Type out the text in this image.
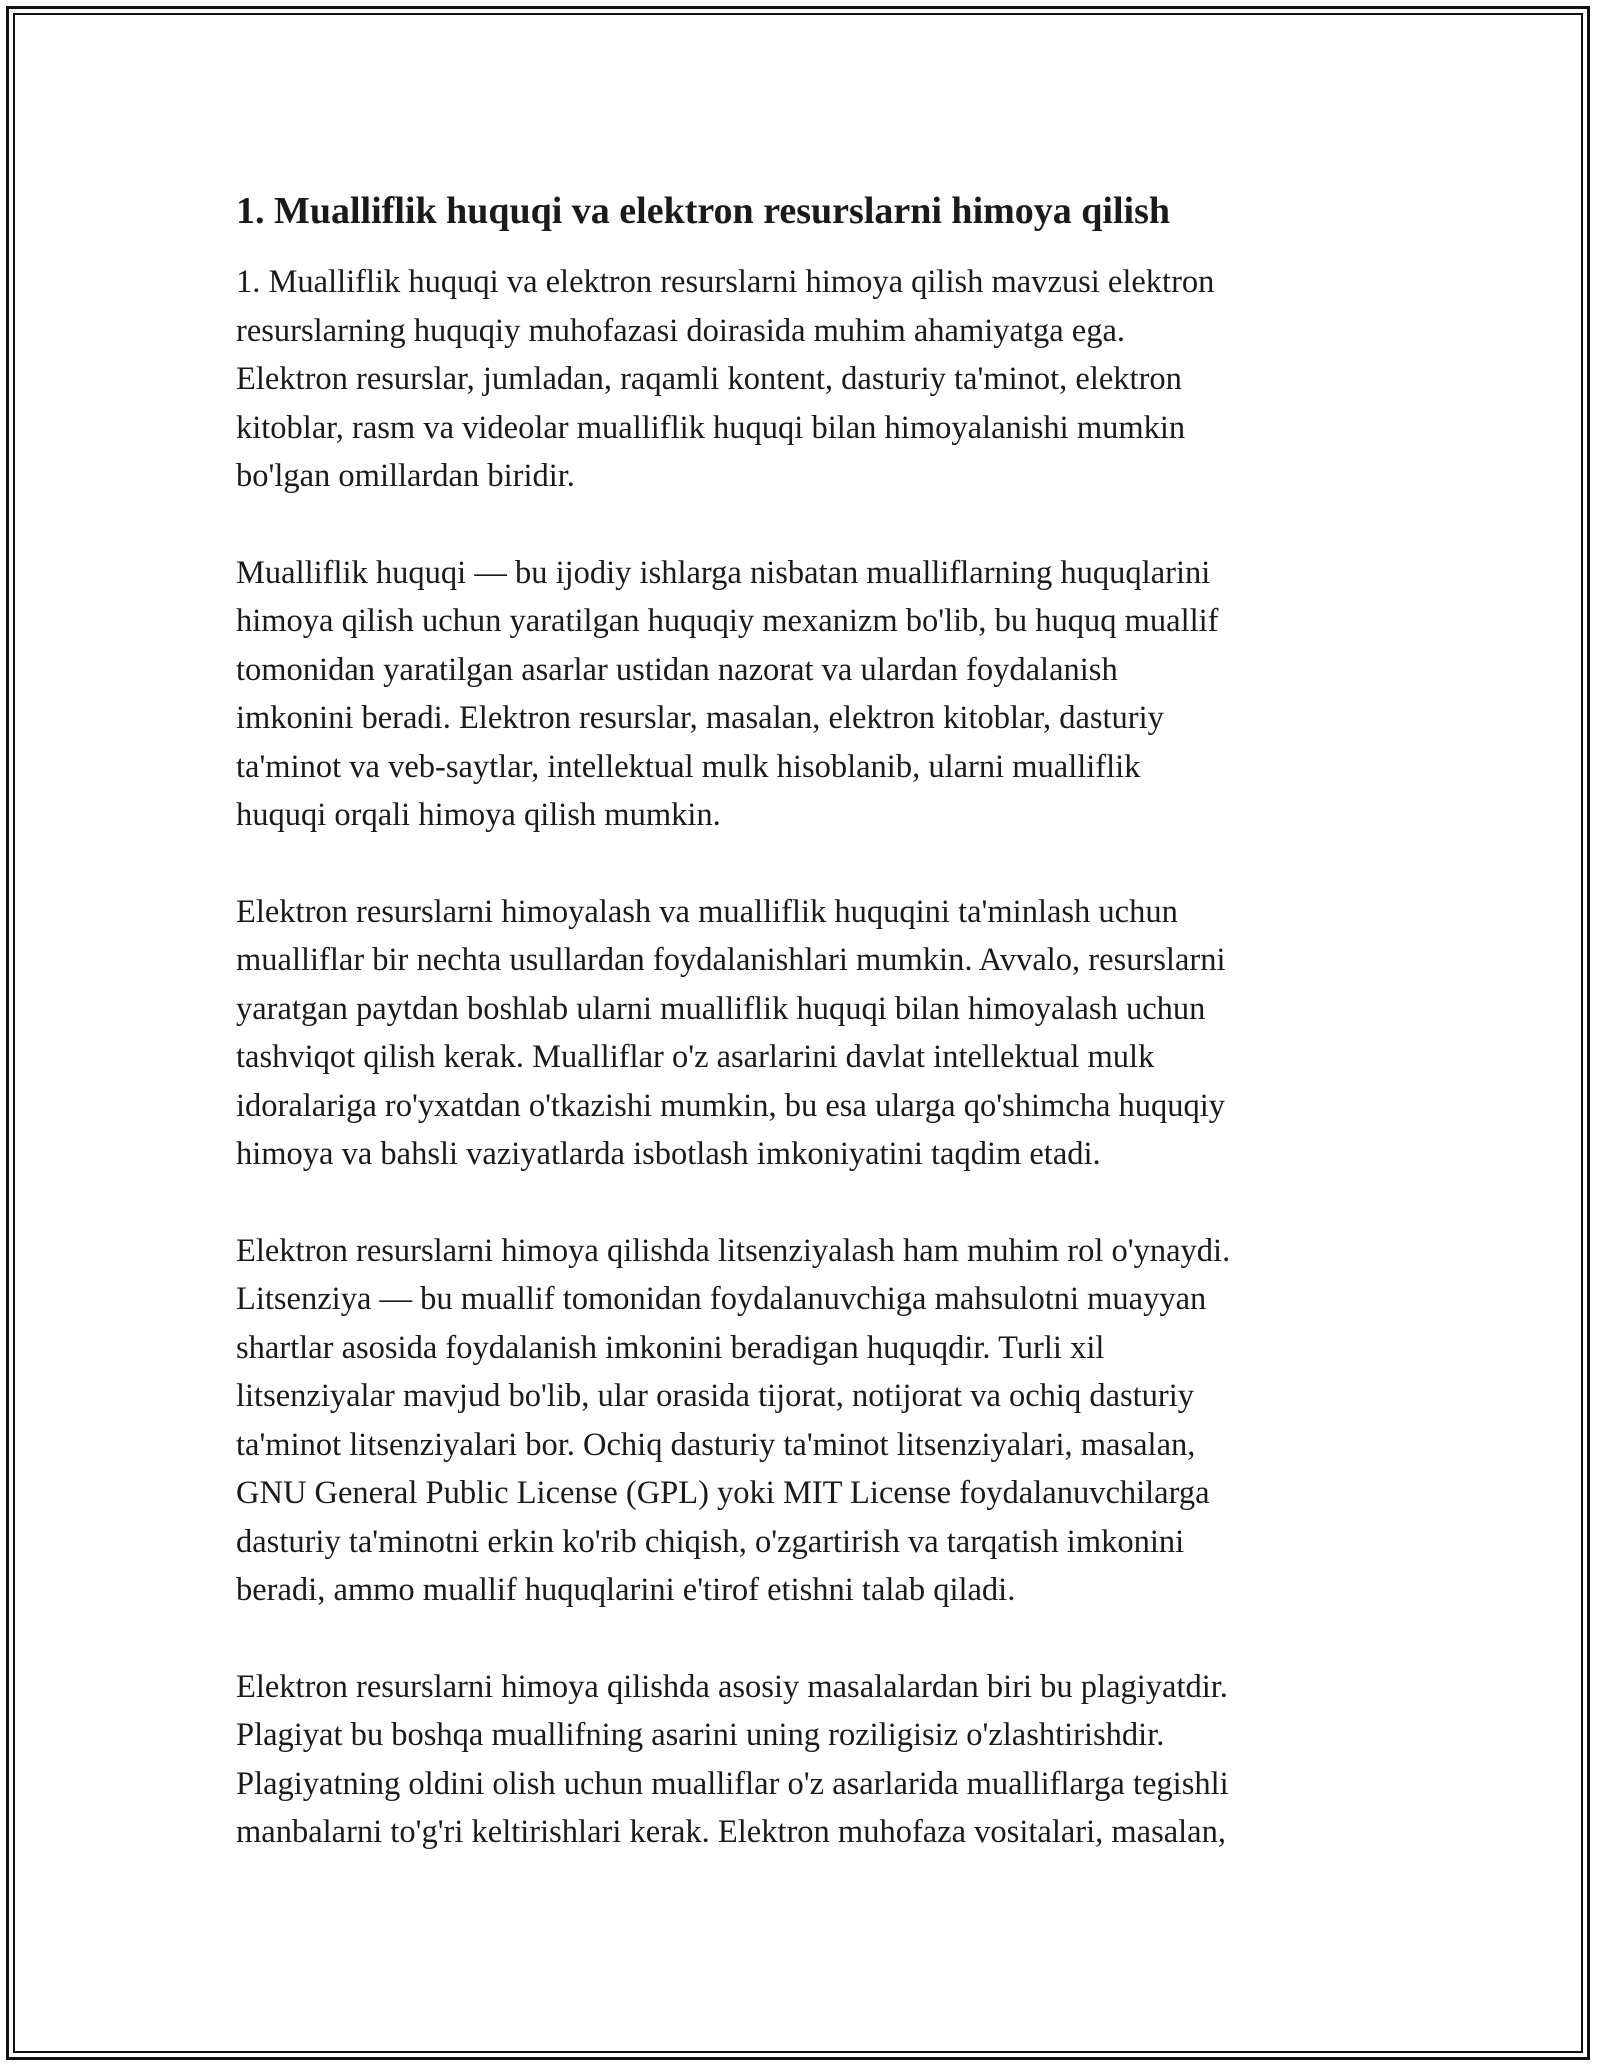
1. Mualliflik huquqi va elektron resurslarni himoya qilish
1. Mualliflik huquqi va elektron resurslarni himoya qilish mavzusi elektron
resurslarning huquqiy muhofazasi doirasida muhim ahamiyatga ega.
Elektron resurslar, jumladan, raqamli kontent, dasturiy ta'minot, elektron
kitoblar, rasm va videolar mualliflik huquqi bilan himoyalanishi mumkin
bo'lgan omillardan biridir.
Mualliflik huquqi — bu ijodiy ishlarga nisbatan mualliflarning huquqlarini
himoya qilish uchun yaratilgan huquqiy mexanizm bo'lib, bu huquq muallif
tomonidan yaratilgan asarlar ustidan nazorat va ulardan foydalanish
imkonini beradi. Elektron resurslar, masalan, elektron kitoblar, dasturiy
ta'minot va veb-saytlar, intellektual mulk hisoblanib, ularni mualliflik
huquqi orqali himoya qilish mumkin.
Elektron resurslarni himoyalash va mualliflik huquqini ta'minlash uchun
mualliflar bir nechta usullardan foydalanishlari mumkin. Avvalo, resurslarni
yaratgan paytdan boshlab ularni mualliflik huquqi bilan himoyalash uchun
tashviqot qilish kerak. Mualliflar o'z asarlarini davlat intellektual mulk
idoralariga ro'yxatdan o'tkazishi mumkin, bu esa ularga qo'shimcha huquqiy
himoya va bahsli vaziyatlarda isbotlash imkoniyatini taqdim etadi.
Elektron resurslarni himoya qilishda litsenziyalash ham muhim rol o'ynaydi.
Litsenziya — bu muallif tomonidan foydalanuvchiga mahsulotni muayyan
shartlar asosida foydalanish imkonini beradigan huquqdir. Turli xil
litsenziyalar mavjud bo'lib, ular orasida tijorat, notijorat va ochiq dasturiy
ta'minot litsenziyalari bor. Ochiq dasturiy ta'minot litsenziyalari, masalan,
GNU General Public License (GPL) yoki MIT License foydalanuvchilarga
dasturiy ta'minotni erkin ko'rib chiqish, o'zgartirish va tarqatish imkonini
beradi, ammo muallif huquqlarini e'tirof etishni talab qiladi.
Elektron resurslarni himoya qilishda asosiy masalalardan biri bu plagiyatdir.
Plagiyat bu boshqa muallifning asarini uning roziligisiz o'zlashtirishdir.
Plagiyatning oldini olish uchun mualliflar o'z asarlarida mualliflarga tegishli
manbalarni to'g'ri keltirishlari kerak. Elektron muhofaza vositalari, masalan,
